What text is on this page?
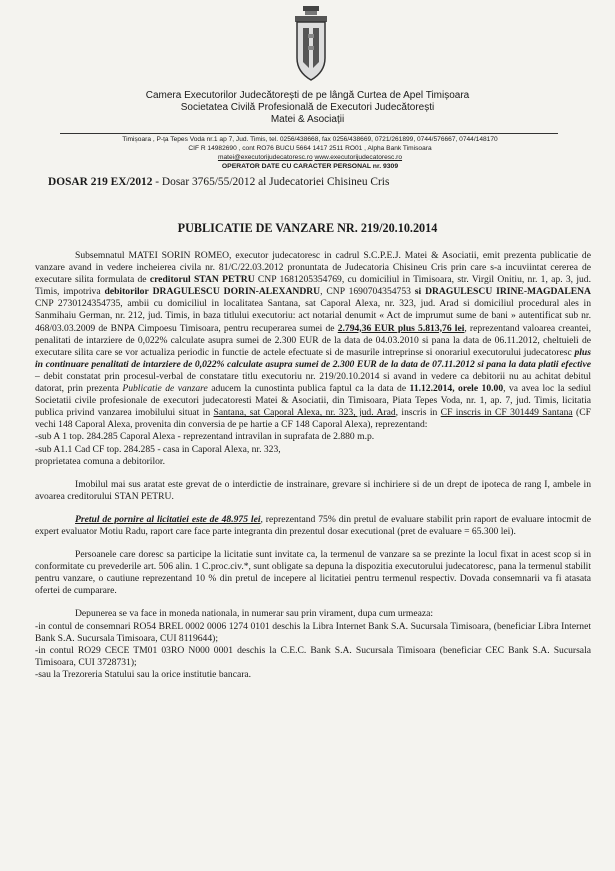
Camera Executorilor Judecătorești de pe lângă Curtea de Apel Timișoara
Societatea Civilă Profesională de Executori Judecătorești
Matei & Asociații
Timișoara , P-ța Tepes Voda nr.1 ap 7, Jud. Timis, tel. 0256/438668, fax 0256/438669, 0721/261899, 0744/576667, 0744/148170
CIF R 14982690 , cont RO76 BUCU 5664 1417 2511 RO01 , Alpha Bank Timisoara
matei@executorijudecatoresc.ro www.executorijudecatoresc.ro
OPERATOR DATE CU CARACTER PERSONAL nr. 9309
DOSAR 219 EX/2012 - Dosar 3765/55/2012 al Judecatoriei Chisineu Cris
PUBLICATIE DE VANZARE NR. 219/20.10.2014

Subsemnatul MATEI SORIN ROMEO, executor judecatoresc in cadrul S.C.P.E.J. Matei & Asociatii, emit prezenta publicatie de vanzare avand in vedere incheierea civila nr. 81/C/22.03.2012 pronuntata de Judecatoria Chisineu Cris prin care s-a incuviintat cererea de executare silita formulata de creditorul STAN PETRU CNP 1681205354769, cu domiciliul in Timisoara, str. Virgil Onitiu, nr. 1, ap. 3, jud. Timis, impotriva debitorilor DRAGULESCU DORIN-ALEXANDRU, CNP 1690704354753 si DRAGULESCU IRINE-MAGDALENA CNP 2730124354735, ambii cu domiciliul in localitatea Santana, sat Caporal Alexa, nr. 323, jud. Arad si domiciliul procedural ales in Sanmihaiu German, nr. 212, jud. Timis, in baza titlului executoriu: act notarial denumit « Act de imprumut sume de bani » autentificat sub nr. 468/03.03.2009 de BNPA Cimpoesu Timisoara, pentru recuperarea sumei de 2.794,36 EUR plus 5.813,76 lei, reprezentand valoarea creantei, penalitati de intarziere de 0,022% calculate asupra sumei de 2.300 EUR de la data de 04.03.2010 si pana la data de 06.11.2012, cheltuieli de executare silita care se vor actualiza periodic in functie de actele efectuate si de masurile intreprinse si onorariul executorului judecatoresc plus in continuare penalitati de intarziere de 0,022% calculate asupra sumei de 2.300 EUR de la data de 07.11.2012 si pana la data platii efective – debit constatat prin procesul-verbal de constatare titlu executoriu nr. 219/20.10.2014 si avand in vedere ca debitorii nu au achitat debitul datorat, prin prezenta Publicatie de vanzare aducem la cunostinta publica faptul ca la data de 11.12.2014, orele 10.00, va avea loc la sediul Societatii civile profesionale de executori judecatoresti Matei & Asociatii, din Timisoara, Piata Tepes Voda, nr. 1, ap. 7, jud. Timis, licitatia publica privind vanzarea imobilului situat in Santana, sat Caporal Alexa, nr. 323, jud. Arad, inscris in CF inscris in CF 301449 Santana (CF vechi 148 Caporal Alexa, provenita din conversia de pe hartie a CF 148 Caporal Alexa), reprezentand:

-sub A 1 top. 284.285 Caporal Alexa - reprezentand intravilan in suprafata de 2.880 m.p.

-sub A1.1 Cad CF top. 284.285 - casa in Caporal Alexa, nr. 323,

proprietatea comuna a debitorilor.

Imobilul mai sus aratat este grevat de o interdictie de instrainare, grevare si inchiriere si de un drept de ipoteca de rang I, ambele in avoarea creditorului STAN PETRU.

Pretul de pornire al licitatiei este de 48.975 lei, reprezentand 75% din pretul de evaluare stabilit prin raport de evaluare intocmit de expert evaluator Motiu Radu, raport care face parte integranta din prezentul dosar executional (pret de evaluare = 65.300 lei).

Persoanele care doresc sa participe la licitatie sunt invitate ca, la termenul de vanzare sa se prezinte la locul fixat in acest scop si in conformitate cu prevederile art. 506 alin. 1 C.proc.civ.*, sunt obligate sa depuna la dispozitia executorului judecatoresc, pana la termenul stabilit pentru vanzare, o cautiune reprezentand 10 % din pretul de incepere al licitatiei pentru termenul respectiv. Dovada consemnarii va fi atasata ofertei de cumparare.

Depunerea se va face in moneda nationala, in numerar sau prin virament, dupa cum urmeaza:

-in contul de consemnari RO54 BREL 0002 0006 1274 0101 deschis la Libra Internet Bank S.A. Sucursala Timisoara, (beneficiar Libra Internet Bank S.A. Sucursala Timisoara, CUI 8119644);

-in contul RO29 CECE TM01 03RO N000 0001 deschis la C.E.C. Bank S.A. Sucursala Timisoara (beneficiar CEC Bank S.A. Sucursala Timisoara, CUI 3728731);

-sau la Trezoreria Statului sau la orice institutie bancara.
